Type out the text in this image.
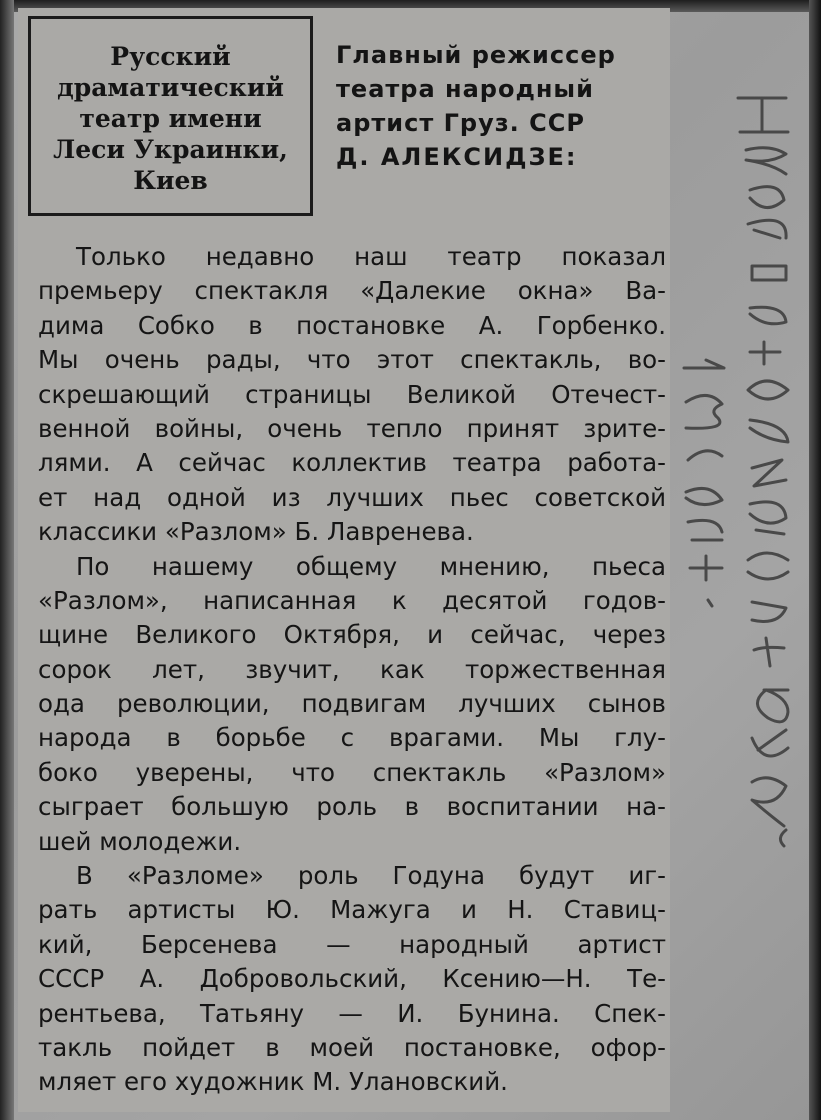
Русский
драматический
театр имени
Леси Украинки,
Киев
Главный режиссер
театра народный
артист Груз. ССР
Д. АЛЕКСИДЗЕ:
Только недавно наш театр показал
премьеру спектакля «Далекие окна» Ва-
дима Собко в постановке А. Горбенко.
Мы очень рады, что этот спектакль, во-
скрешающий страницы Великой Отечест-
венной войны, очень тепло принят зрите-
лями. А сейчас коллектив театра работа-
ет над одной из лучших пьес советской
классики «Разлом» Б. Лавренева.
По нашему общему мнению, пьеса
«Разлом», написанная к десятой годов-
щине Великого Октября, и сейчас, через
сорок лет, звучит, как торжественная
ода революции, подвигам лучших сынов
народа в борьбе с врагами. Мы глу-
боко уверены, что спектакль «Разлом»
сыграет большую роль в воспитании на-
шей молодежи.
В «Разломе» роль Годуна будут иг-
рать артисты Ю. Мажуга и Н. Ставиц-
кий, Берсенева — народный артист
СССР А. Добровольский, Ксению—Н. Те-
рентьева, Татьяну — И. Бунина. Спек-
такль пойдет в моей постановке, офор-
мляет его художник М. Улановский.
